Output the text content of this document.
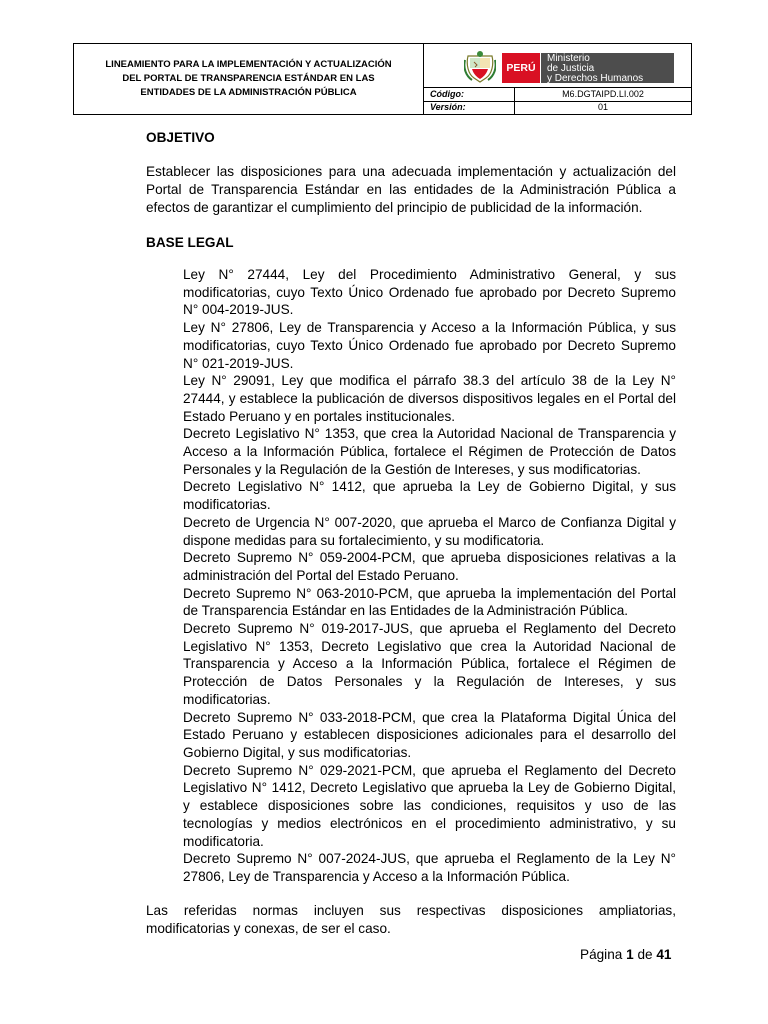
LINEAMIENTO PARA LA IMPLEMENTACIÓN Y ACTUALIZACIÓN
DEL PORTAL DE TRANSPARENCIA ESTÁNDAR EN LAS
ENTIDADES DE LA ADMINISTRACIÓN PÚBLICA
PERÚ
Ministerio
de Justicia
y Derechos Humanos
Código:	M6.DGTAIPD.LI.002
Versión:	01

OBJETIVO

Establecer las disposiciones para una adecuada implementación y actualización del Portal de Transparencia Estándar en las entidades de la Administración Pública a efectos de garantizar el cumplimiento del principio de publicidad de la información.

BASE LEGAL

Ley N° 27444, Ley del Procedimiento Administrativo General, y sus modificatorias, cuyo Texto Único Ordenado fue aprobado por Decreto Supremo N° 004-2019-JUS.
Ley N° 27806, Ley de Transparencia y Acceso a la Información Pública, y sus modificatorias, cuyo Texto Único Ordenado fue aprobado por Decreto Supremo N° 021-2019-JUS.
Ley N° 29091, Ley que modifica el párrafo 38.3 del artículo 38 de la Ley N° 27444, y establece la publicación de diversos dispositivos legales en el Portal del Estado Peruano y en portales institucionales.
Decreto Legislativo N° 1353, que crea la Autoridad Nacional de Transparencia y Acceso a la Información Pública, fortalece el Régimen de Protección de Datos Personales y la Regulación de la Gestión de Intereses, y sus modificatorias.
Decreto Legislativo N° 1412, que aprueba la Ley de Gobierno Digital, y sus modificatorias.
Decreto de Urgencia N° 007-2020, que aprueba el Marco de Confianza Digital y dispone medidas para su fortalecimiento, y su modificatoria.
Decreto Supremo N° 059-2004-PCM, que aprueba disposiciones relativas a la administración del Portal del Estado Peruano.
Decreto Supremo N° 063-2010-PCM, que aprueba la implementación del Portal de Transparencia Estándar en las Entidades de la Administración Pública.
Decreto Supremo N° 019-2017-JUS, que aprueba el Reglamento del Decreto Legislativo N° 1353, Decreto Legislativo que crea la Autoridad Nacional de Transparencia y Acceso a la Información Pública, fortalece el Régimen de Protección de Datos Personales y la Regulación de Intereses, y sus modificatorias.
Decreto Supremo N° 033-2018-PCM, que crea la Plataforma Digital Única del Estado Peruano y establecen disposiciones adicionales para el desarrollo del Gobierno Digital, y sus modificatorias.
Decreto Supremo N° 029-2021-PCM, que aprueba el Reglamento del Decreto Legislativo N° 1412, Decreto Legislativo que aprueba la Ley de Gobierno Digital, y establece disposiciones sobre las condiciones, requisitos y uso de las tecnologías y medios electrónicos en el procedimiento administrativo, y su modificatoria.
Decreto Supremo N° 007-2024-JUS, que aprueba el Reglamento de la Ley N° 27806, Ley de Transparencia y Acceso a la Información Pública.

Las referidas normas incluyen sus respectivas disposiciones ampliatorias, modificatorias y conexas, de ser el caso.

Página 1 de 41
